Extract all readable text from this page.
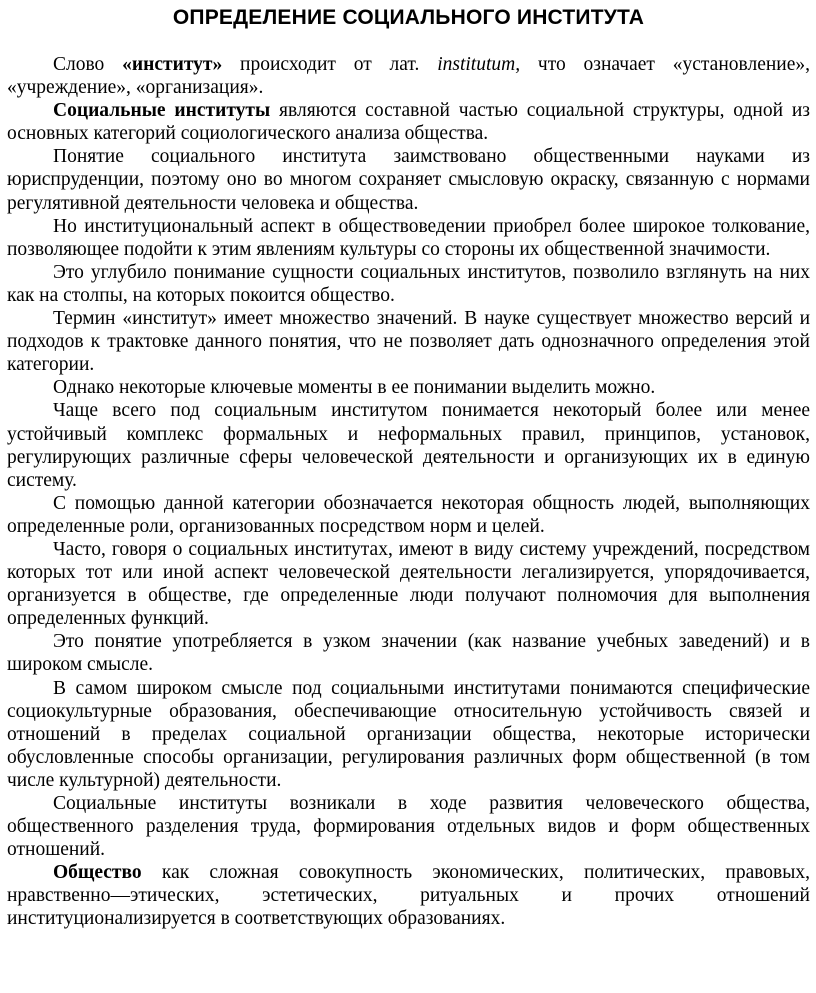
ОПРЕДЕЛЕНИЕ СОЦИАЛЬНОГО ИНСТИТУТА

Слово «институт» происходит от лат. institutum, что означает «установление», «учреждение», «организация».

Социальные институты являются составной частью социальной структуры, одной из основных категорий социологического анализа общества.

Понятие социального института заимствовано общественными науками из юриспруденции, поэтому оно во многом сохраняет смысловую окраску, связанную с нормами регулятивной деятельности человека и общества.

Но институциональный аспект в обществоведении приобрел более широкое толкование, позволяющее подойти к этим явлениям культуры со стороны их общественной значимости.

Это углубило понимание сущности социальных институтов, позволило взглянуть на них как на столпы, на которых покоится общество.

Термин «институт» имеет множество значений. В науке существует множество версий и подходов к трактовке данного понятия, что не позволяет дать однозначного определения этой категории.

Однако некоторые ключевые моменты в ее понимании выделить можно.

Чаще всего под социальным институтом понимается некоторый более или менее устойчивый комплекс формальных и неформальных правил, принципов, установок, регулирующих различные сферы человеческой деятельности и организующих их в единую систему.

С помощью данной категории обозначается некоторая общность людей, выполняющих определенные роли, организованных посредством норм и целей.

Часто, говоря о социальных институтах, имеют в виду систему учреждений, посредством которых тот или иной аспект человеческой деятельности легализируется, упорядочивается, организуется в обществе, где определенные люди получают полномочия для выполнения определенных функций.

Это понятие употребляется в узком значении (как название учебных заведений) и в широком смысле.

В самом широком смысле под социальными институтами понимаются специфические социокультурные образования, обеспечивающие относительную устойчивость связей и отношений в пределах социальной организации общества, некоторые исторически обусловленные способы организации, регулирования различных форм общественной (в том числе культурной) деятельности.

Социальные институты возникали в ходе развития человеческого общества, общественного разделения труда, формирования отдельных видов и форм общественных отношений.

Общество как сложная совокупность экономических, политических, правовых, нравственно—этических, эстетических, ритуальных и прочих отношений институционализируется в соответствующих образованиях.
